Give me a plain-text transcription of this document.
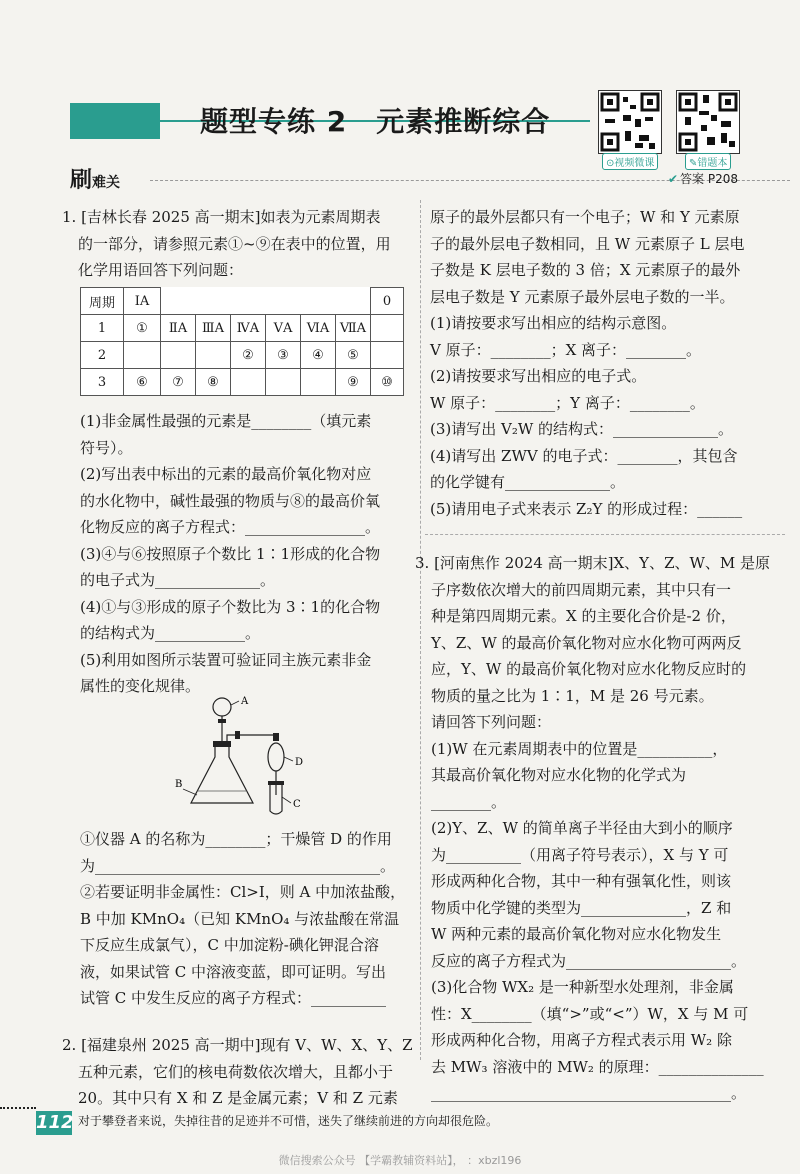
题型专练 2　元素推断综合
⊙视频微课	✎错题本
刷难关	✔ 答案 P208

1. [吉林长春 2025 高一期末]如表为元素周期表

的一部分，请参照元素①~⑨在表中的位置，用

化学用语回答下列问题：

周期	ⅠA							0
1	①	ⅡA	ⅢA	ⅣA	ⅤA	ⅥA	ⅦA	
2				②	③	④	⑤	
3	⑥	⑦	⑧				⑨	⑩

(1)非金属性最强的元素是________（填元素

符号）。

(2)写出表中标出的元素的最高价氧化物对应

的水化物中，碱性最强的物质与⑧的最高价氧

化物反应的离子方程式：________________。

(3)④与⑥按照原子个数比 1∶1形成的化合物

的电子式为______________。

(4)①与③形成的原子个数比为 3∶1的化合物

的结构式为____________。

(5)利用如图所示装置可验证同主族元素非金

属性的变化规律。

A
B
D
C

①仪器 A 的名称为________；干燥管 D 的作用

为______________________________________。

②若要证明非金属性：Cl>I，则 A 中加浓盐酸，

B 中加 KMnO₄（已知 KMnO₄ 与浓盐酸在常温

下反应生成氯气），C 中加淀粉-碘化钾混合溶

液，如果试管 C 中溶液变蓝，即可证明。写出

试管 C 中发生反应的离子方程式：__________

2. [福建泉州 2025 高一期中]现有 V、W、X、Y、Z

五种元素，它们的核电荷数依次增大，且都小于

20。其中只有 X 和 Z 是金属元素；V 和 Z 元素

原子的最外层都只有一个电子；W 和 Y 元素原

子的最外层电子数相同，且 W 元素原子 L 层电

子数是 K 层电子数的 3 倍；X 元素原子的最外

层电子数是 Y 元素原子最外层电子数的一半。

(1)请按要求写出相应的结构示意图。

V 原子：________；X 离子：________。

(2)请按要求写出相应的电子式。

W 原子：________；Y 离子：________。

(3)请写出 V₂W 的结构式：______________。

(4)请写出 ZWV 的电子式：________，其包含

的化学键有______________。

(5)请用电子式来表示 Z₂Y 的形成过程：______

3. [河南焦作 2024 高一期末]X、Y、Z、W、M 是原

子序数依次增大的前四周期元素，其中只有一

种是第四周期元素。X 的主要化合价是-2 价，

Y、Z、W 的最高价氧化物对应水化物可两两反

应，Y、W 的最高价氧化物对应水化物反应时的

物质的量之比为 1∶1，M 是 26 号元素。

请回答下列问题：

(1)W 在元素周期表中的位置是__________，

其最高价氧化物对应水化物的化学式为

________。

(2)Y、Z、W 的简单离子半径由大到小的顺序

为__________（用离子符号表示），X 与 Y 可

形成两种化合物，其中一种有强氧化性，则该

物质中化学键的类型为______________，Z 和

W 两种元素的最高价氧化物对应水化物发生

反应的离子方程式为______________________。

(3)化合物 WX₂ 是一种新型水处理剂，非金属

性：X________（填“>”或“<”）W，X 与 M 可

形成两种化合物，用离子方程式表示用 W₂ 除

去 MW₃ 溶液中的 MW₂ 的原理：______________

________________________________________。

112 对于攀登者来说，失掉往昔的足迹并不可惜，迷失了继续前进的方向却很危险。
微信搜索公众号 【学霸教辅资料站】， ：xbzl196
